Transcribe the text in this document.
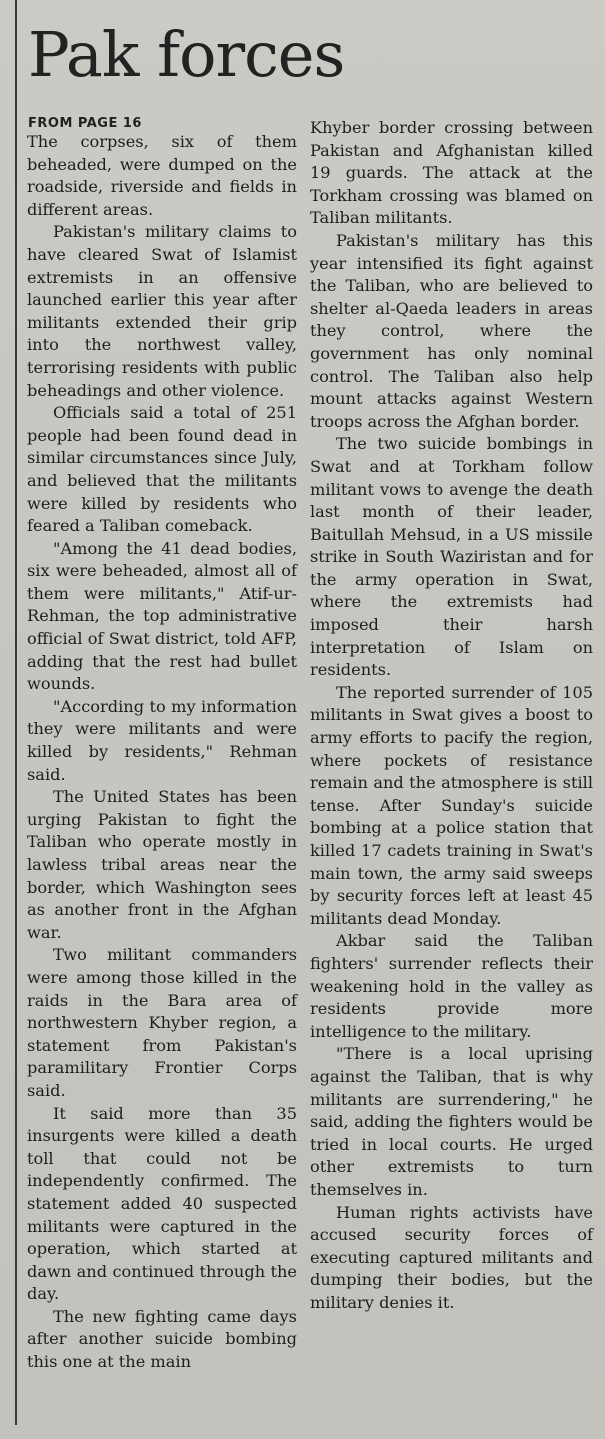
Pak forces
FROM PAGE 16

The corpses, six of them beheaded, were dumped on the roadside, riverside and fields in different areas.

Pakistan's military claims to have cleared Swat of Islamist extremists in an offensive launched earlier this year after militants extended their grip into the northwest valley, terrorising residents with public beheadings and other violence.

Officials said a total of 251 people had been found dead in similar circumstances since July, and believed that the militants were killed by residents who feared a Taliban comeback.

"Among the 41 dead bodies, six were beheaded, almost all of them were militants," Atif-ur-Rehman, the top administrative official of Swat district, told AFP, adding that the rest had bullet wounds.

"According to my information they were militants and were killed by residents," Rehman said.

The United States has been urging Pakistan to fight the Taliban who operate mostly in lawless tribal areas near the border, which Washington sees as another front in the Afghan war.

Two militant commanders were among those killed in the raids in the Bara area of northwestern Khyber region, a statement from Pakistan's paramilitary Frontier Corps said.

It said more than 35 insurgents were killed a death toll that could not be independently confirmed. The statement added 40 suspected militants were captured in the operation, which started at dawn and continued through the day.

The new fighting came days after another suicide bombing this one at the main

Khyber border crossing between Pakistan and Afghanistan killed 19 guards. The attack at the Torkham crossing was blamed on Taliban militants.

Pakistan's military has this year intensified its fight against the Taliban, who are believed to shelter al-Qaeda leaders in areas they control, where the government has only nominal control. The Taliban also help mount attacks against Western troops across the Afghan border.

The two suicide bombings in Swat and at Torkham follow militant vows to avenge the death last month of their leader, Baitullah Mehsud, in a US missile strike in South Waziristan and for the army operation in Swat, where the extremists had imposed their harsh interpretation of Islam on residents.

The reported surrender of 105 militants in Swat gives a boost to army efforts to pacify the region, where pockets of resistance remain and the atmosphere is still tense. After Sunday's suicide bombing at a police station that killed 17 cadets training in Swat's main town, the army said sweeps by security forces left at least 45 militants dead Monday.

Akbar said the Taliban fighters' surrender reflects their weakening hold in the valley as residents provide more intelligence to the military.

"There is a local uprising against the Taliban, that is why militants are surrendering," he said, adding the fighters would be tried in local courts. He urged other extremists to turn themselves in.

Human rights activists have accused security forces of executing captured militants and dumping their bodies, but the military denies it.
